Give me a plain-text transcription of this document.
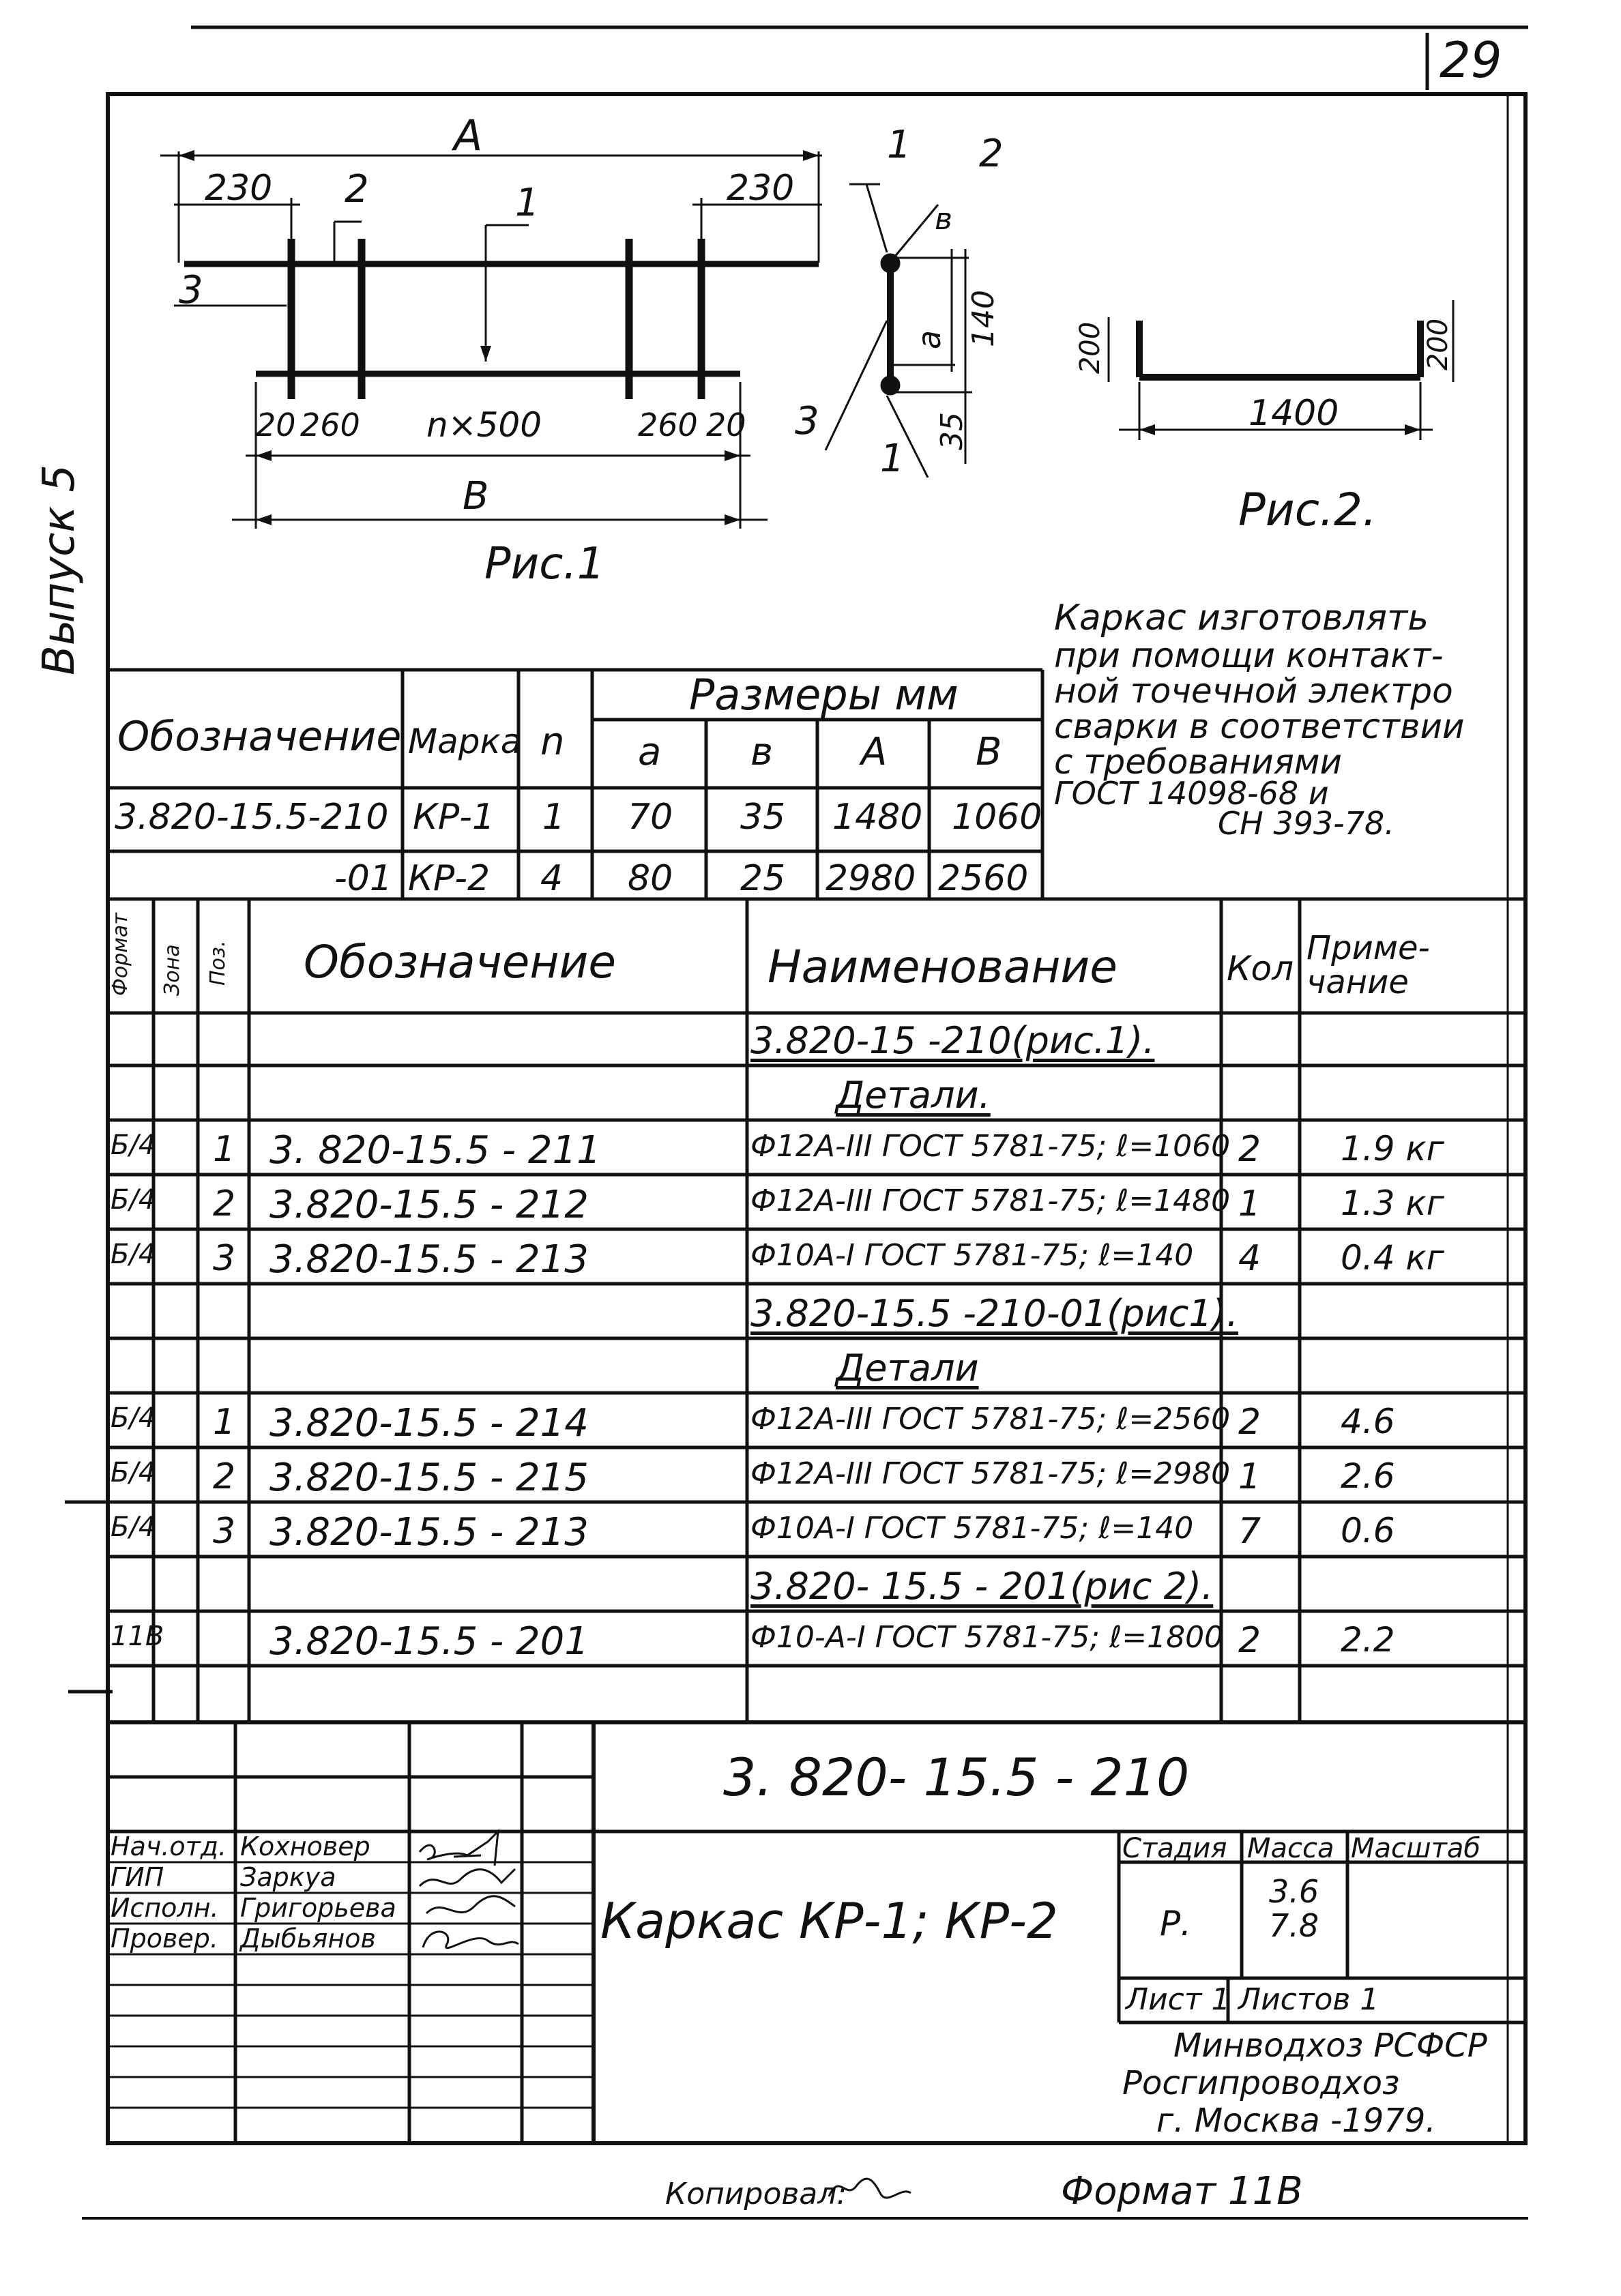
29
Выпуск 5
A
230	230
2	1
3
20 260 n×500	260 20
В
Рис.1
1 2
в
a 140
35
3
1
200	200
1400
Рис.2.
Каркас изготовлять
при помощи контакт-
ной точечной электро
сварки в соответствии
с требованиями
ГОСТ 14098-68 и
СН 393-78.
Обозначение Марка n
Размеры мм
a в A В
3.820-15.5-210 КР-1 1 70 35 1480 1060
-01 КР-2 4 80 25 2980 2560
Формат Зона Поз. Обозначение	Наименование	Кол
Приме-
чание
3.820-15 -210(рис.1).
Детали.
Б/4 1 3. 820-15.5 - 211	Ф12А-III ГОСТ 5781-75; ℓ=1060 2 1.9 кг
Б/4 2 3.820-15.5 - 212	Ф12А-III ГОСТ 5781-75; ℓ=1480 1 1.3 кг
Б/4 3 3.820-15.5 - 213	Ф10А-I ГОСТ 5781-75; ℓ=140 4 0.4 кг
3.820-15.5 -210-01(рис1).
Детали
Б/4 1 3.820-15.5 - 214	Ф12А-III ГОСТ 5781-75; ℓ=2560 2 4.6
Б/4 2 3.820-15.5 - 215	Ф12А-III ГОСТ 5781-75; ℓ=2980 1 2.6
Б/4 3 3.820-15.5 - 213	Ф10А-I ГОСТ 5781-75; ℓ=140 7 0.6
3.820- 15.5 - 201(рис 2).
11В	3.820-15.5 - 201	Ф10-А-I ГОСТ 5781-75; ℓ=1800 2 2.2
3. 820- 15.5 - 210
Нач.отд. Кохновер
ГИП	Заркуа
Исполн. Григорьева
Провер. Дыбьянов	Каркас КР-1; КР-2
Стадия Масса Масштаб
Р.
3.6
7.8
Лист 1 Листов 1
Минводхоз РСФСР
Росгипроводхоз
г. Москва -1979.
Копировал:	Формат 11В
